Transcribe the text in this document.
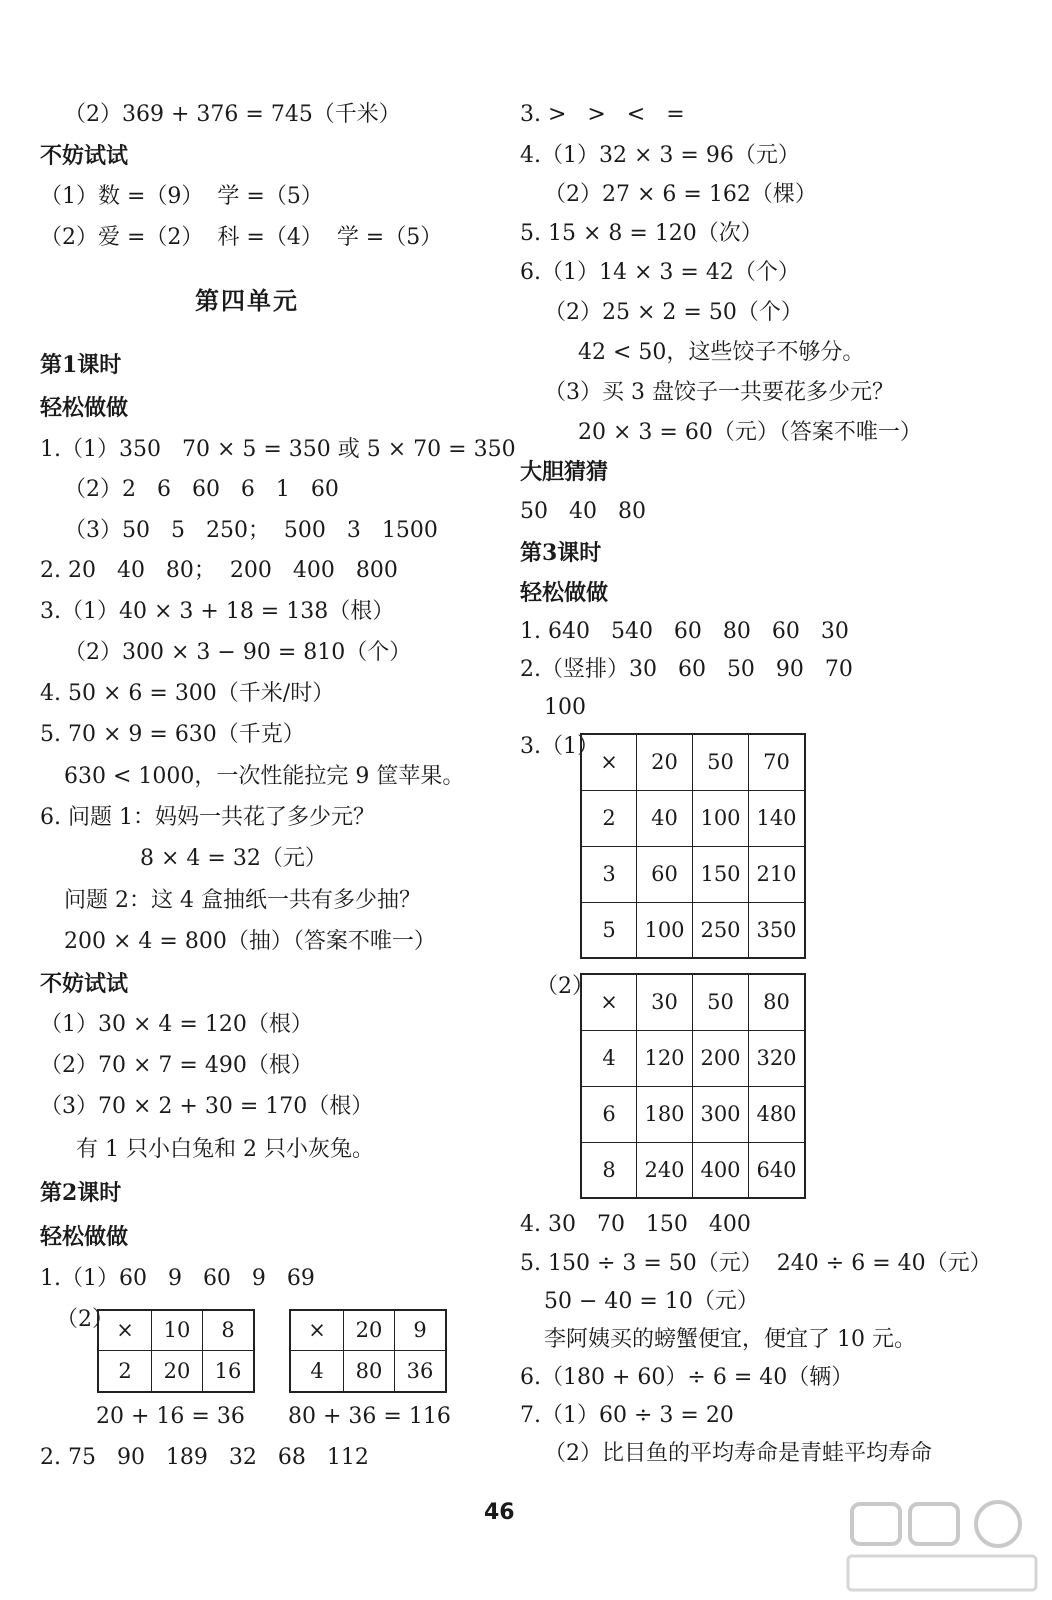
（2）369 + 376 = 745（千米）
不妨试试
（1）数 =（9）  学 =（5）
（2）爱 =（2）  科 =（4）  学 =（5）
第四单元
第1课时
轻松做做
1.（1）350   70 × 5 = 350 或 5 × 70 = 350
（2）2   6   60   6   1   60
（3）50   5   250；  500   3   1500
2. 20   40   80；  200   400   800
3.（1）40 × 3 + 18 = 138（根）
（2）300 × 3 − 90 = 810（个）
4. 50 × 6 = 300（千米/时）
5. 70 × 9 = 630（千克）
630 < 1000，一次性能拉完 9 筐苹果。
6. 问题 1：妈妈一共花了多少元？
8 × 4 = 32（元）
问题 2：这 4 盒抽纸一共有多少抽？
200 × 4 = 800（抽）（答案不唯一）
不妨试试
（1）30 × 4 = 120（根）
（2）70 × 7 = 490（根）
（3）70 × 2 + 30 = 170（根）
有 1 只小白兔和 2 只小灰兔。
第2课时
轻松做做
1.（1）60   9   60   9   69
（2） ×	10	8
2	20	16
×	20	9
4	80	36
20 + 16 = 36 80 + 36 = 116
2. 75   90   189   32   68   112
3. >   >   <   =
4.（1）32 × 3 = 96（元）
（2）27 × 6 = 162（棵）
5. 15 × 8 = 120（次）
6.（1）14 × 3 = 42（个）
（2）25 × 2 = 50（个）
42 < 50，这些饺子不够分。
（3）买 3 盘饺子一共要花多少元？
20 × 3 = 60（元）（答案不唯一）
大胆猜猜
50   40   80
第3课时
轻松做做
1. 640   540   60   80   60   30
2.（竖排）30   60   50   90   70
100
3.（1）
×	20	50	70
2	40	100	140
3	60	150	210
5	100	250	350
（2）
×	30	50	80
4	120	200	320
6	180	300	480
8	240	400	640
4. 30   70   150   400
5. 150 ÷ 3 = 50（元）  240 ÷ 6 = 40（元）
50 − 40 = 10（元）
李阿姨买的螃蟹便宜，便宜了 10 元。
6.（180 + 60）÷ 6 = 40（辆）
7.（1）60 ÷ 3 = 20
（2）比目鱼的平均寿命是青蛙平均寿命
46
